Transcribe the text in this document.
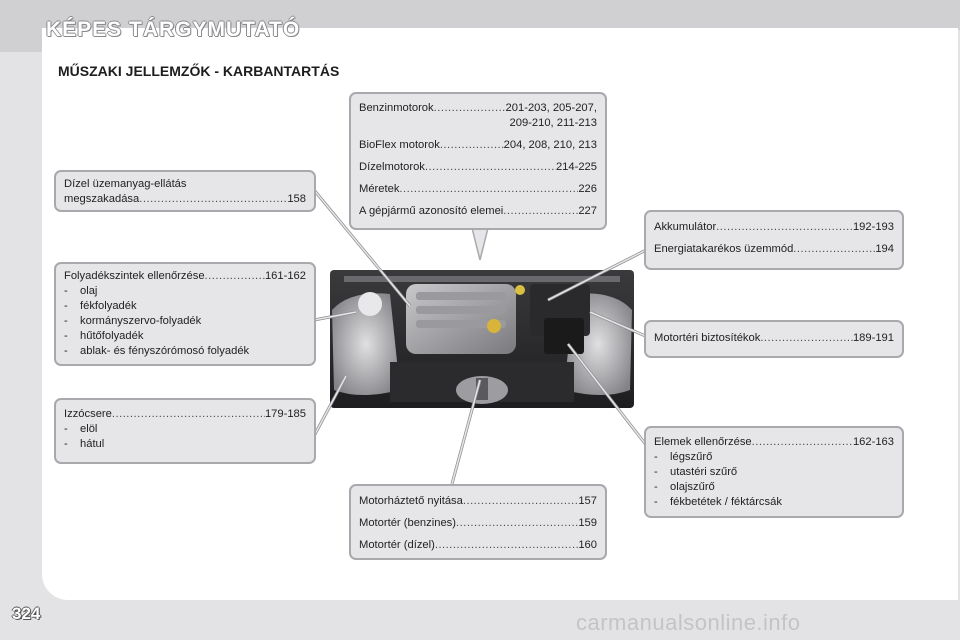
KÉPES TÁRGYMUTATÓ
MŰSZAKI JELLEMZŐK - KARBANTARTÁS
Benzinmotorok .....	201-203, 205-207,
209-210, 211-213
BioFlex motorok .....	204, 208, 210, 213
Dízelmotorok .....	214-225
Méretek .....	226
A gépjármű azonosító elemei .....	227
Dízel üzemanyag-ellátás
megszakadása .....	158
Folyadékszintek ellenőrzése .....	161-162
- olaj
- fékfolyadék
- kormányszervo-folyadék
- hűtőfolyadék
- ablak- és fényszórómosó folyadék
Izzócsere .....	179-185
- elöl
- hátul
Motorháztető nyitása .....	157
Motortér (benzines) .....	159
Motortér (dízel) .....	160
Akkumulátor .....	192-193
Energiatakarékos üzemmód .....	194
Motortéri biztosítékok .....	189-191
Elemek ellenőrzése .....	162-163
- légszűrő
- utastéri szűrő
- olajszűrő
- fékbetétek / féktárcsák
324	carmanualsonline.info
